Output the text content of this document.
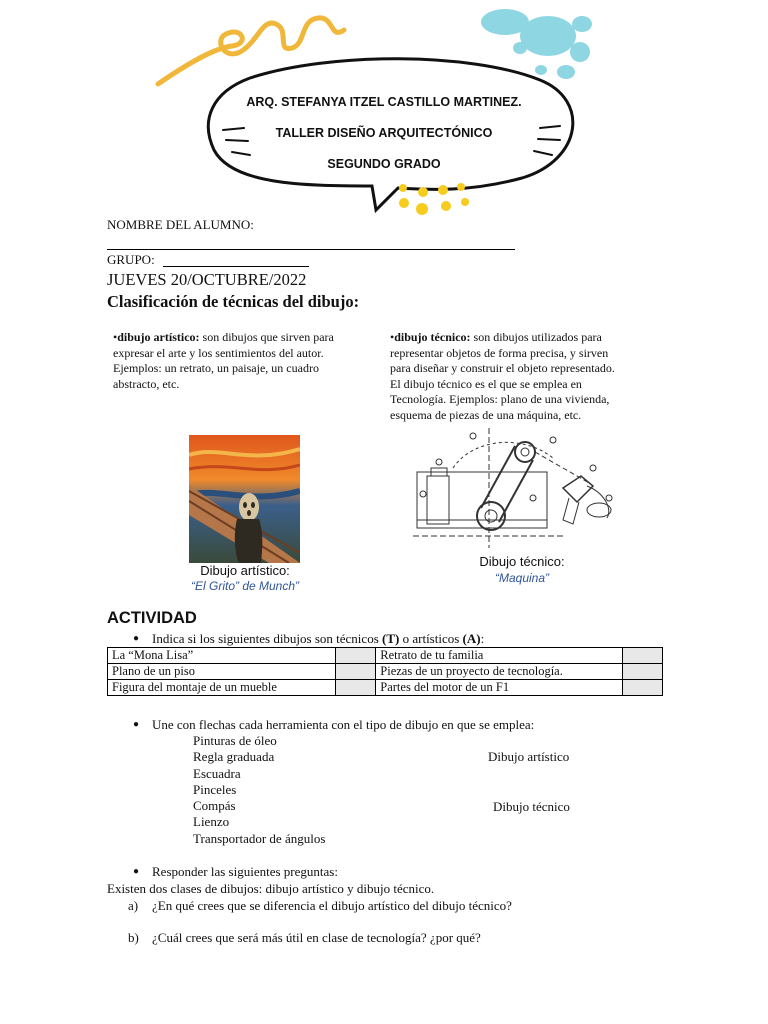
ARQ. STEFANYA ITZEL CASTILLO MARTINEZ.
TALLER DISEÑO ARQUITECTÓNICO
SEGUNDO GRADO
NOMBRE DEL ALUMNO:
GRUPO:
JUEVES 20/OCTUBRE/2022
Clasificación de técnicas del dibujo:
•dibujo artístico: son dibujos que sirven para
expresar el arte y los sentimientos del autor.
Ejemplos: un retrato, un paisaje, un cuadro
abstracto, etc.
•dibujo técnico: son dibujos utilizados para
representar objetos de forma precisa, y sirven
para diseñar y construir el objeto representado.
El dibujo técnico es el que se emplea en
Tecnología. Ejemplos: plano de una vivienda,
esquema de piezas de una máquina, etc.
Dibujo artístico:
“El Grito” de Munch”
Dibujo técnico:
“Maquina”
ACTIVIDAD
● Indica si los siguientes dibujos son técnicos (T) o artísticos (A):
La “Mona Lisa”		Retrato de tu familia	
Plano de un piso		Piezas de un proyecto de tecnología.	
Figura del montaje de un mueble		Partes del motor de un F1	
● Une con flechas cada herramienta con el tipo de dibujo en que se emplea:
Pinturas de óleo
Regla graduada
Escuadra
Pinceles
Compás
Lienzo
Transportador de ángulos
Dibujo artístico
Dibujo técnico
● Responder las siguientes preguntas:
Existen dos clases de dibujos: dibujo artístico y dibujo técnico.
a) ¿En qué crees que se diferencia el dibujo artístico del dibujo técnico?
b) ¿Cuál crees que será más útil en clase de tecnología? ¿por qué?
